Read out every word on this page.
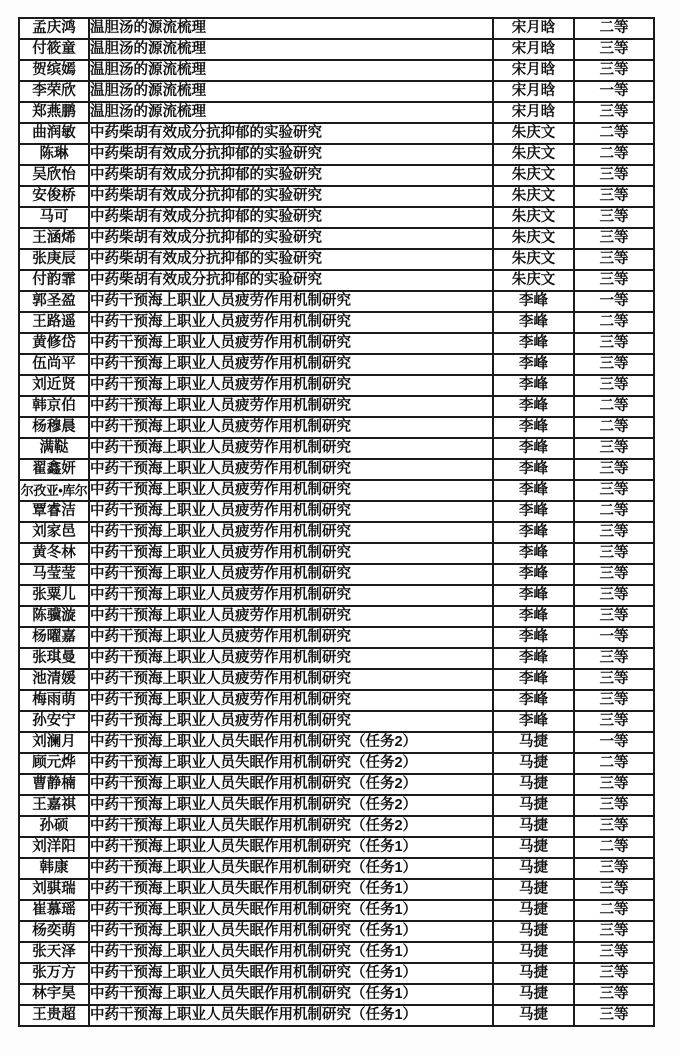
孟庆鸿	温胆汤的源流梳理	宋月晗	二等
付筱童	温胆汤的源流梳理	宋月晗	三等
贺缤嫣	温胆汤的源流梳理	宋月晗	三等
李荣欣	温胆汤的源流梳理	宋月晗	一等
郑燕鹏	温胆汤的源流梳理	宋月晗	三等
曲润敏	中药柴胡有效成分抗抑郁的实验研究	朱庆文	二等
陈琳	中药柴胡有效成分抗抑郁的实验研究	朱庆文	二等
吴欣怡	中药柴胡有效成分抗抑郁的实验研究	朱庆文	三等
安俊桥	中药柴胡有效成分抗抑郁的实验研究	朱庆文	三等
马可	中药柴胡有效成分抗抑郁的实验研究	朱庆文	三等
王涵烯	中药柴胡有效成分抗抑郁的实验研究	朱庆文	三等
张庚辰	中药柴胡有效成分抗抑郁的实验研究	朱庆文	三等
付韵霏	中药柴胡有效成分抗抑郁的实验研究	朱庆文	三等
郭圣盈	中药干预海上职业人员疲劳作用机制研究	李峰	一等
王路遥	中药干预海上职业人员疲劳作用机制研究	李峰	二等
黄修岱	中药干预海上职业人员疲劳作用机制研究	李峰	三等
伍尚平	中药干预海上职业人员疲劳作用机制研究	李峰	三等
刘近贤	中药干预海上职业人员疲劳作用机制研究	李峰	三等
韩京伯	中药干预海上职业人员疲劳作用机制研究	李峰	二等
杨穆晨	中药干预海上职业人员疲劳作用机制研究	李峰	二等
满鞑	中药干预海上职业人员疲劳作用机制研究	李峰	三等
翟鑫妍	中药干预海上职业人员疲劳作用机制研究	李峰	三等
尔孜亚•库尔	中药干预海上职业人员疲劳作用机制研究	李峰	三等
覃睿洁	中药干预海上职业人员疲劳作用机制研究	李峰	二等
刘家邑	中药干预海上职业人员疲劳作用机制研究	李峰	三等
黄冬林	中药干预海上职业人员疲劳作用机制研究	李峰	三等
马莹莹	中药干预海上职业人员疲劳作用机制研究	李峰	三等
张粟儿	中药干预海上职业人员疲劳作用机制研究	李峰	三等
陈骥漩	中药干预海上职业人员疲劳作用机制研究	李峰	三等
杨曜嘉	中药干预海上职业人员疲劳作用机制研究	李峰	一等
张琪曼	中药干预海上职业人员疲劳作用机制研究	李峰	三等
池清媛	中药干预海上职业人员疲劳作用机制研究	李峰	三等
梅雨萌	中药干预海上职业人员疲劳作用机制研究	李峰	三等
孙安宁	中药干预海上职业人员疲劳作用机制研究	李峰	三等
刘澜月	中药干预海上职业人员失眠作用机制研究（任务2）	马捷	一等
顾元烨	中药干预海上职业人员失眠作用机制研究（任务2）	马捷	二等
曹静楠	中药干预海上职业人员失眠作用机制研究（任务2）	马捷	三等
王嘉祺	中药干预海上职业人员失眠作用机制研究（任务2）	马捷	三等
孙硕	中药干预海上职业人员失眠作用机制研究（任务2）	马捷	三等
刘洋阳	中药干预海上职业人员失眠作用机制研究（任务1）	马捷	二等
韩康	中药干预海上职业人员失眠作用机制研究（任务1）	马捷	三等
刘骐瑞	中药干预海上职业人员失眠作用机制研究（任务1）	马捷	三等
崔慕瑶	中药干预海上职业人员失眠作用机制研究（任务1）	马捷	二等
杨奕萌	中药干预海上职业人员失眠作用机制研究（任务1）	马捷	三等
张天泽	中药干预海上职业人员失眠作用机制研究（任务1）	马捷	三等
张万方	中药干预海上职业人员失眠作用机制研究（任务1）	马捷	三等
林宇昊	中药干预海上职业人员失眠作用机制研究（任务1）	马捷	三等
王贵超	中药干预海上职业人员失眠作用机制研究（任务1）	马捷	三等
